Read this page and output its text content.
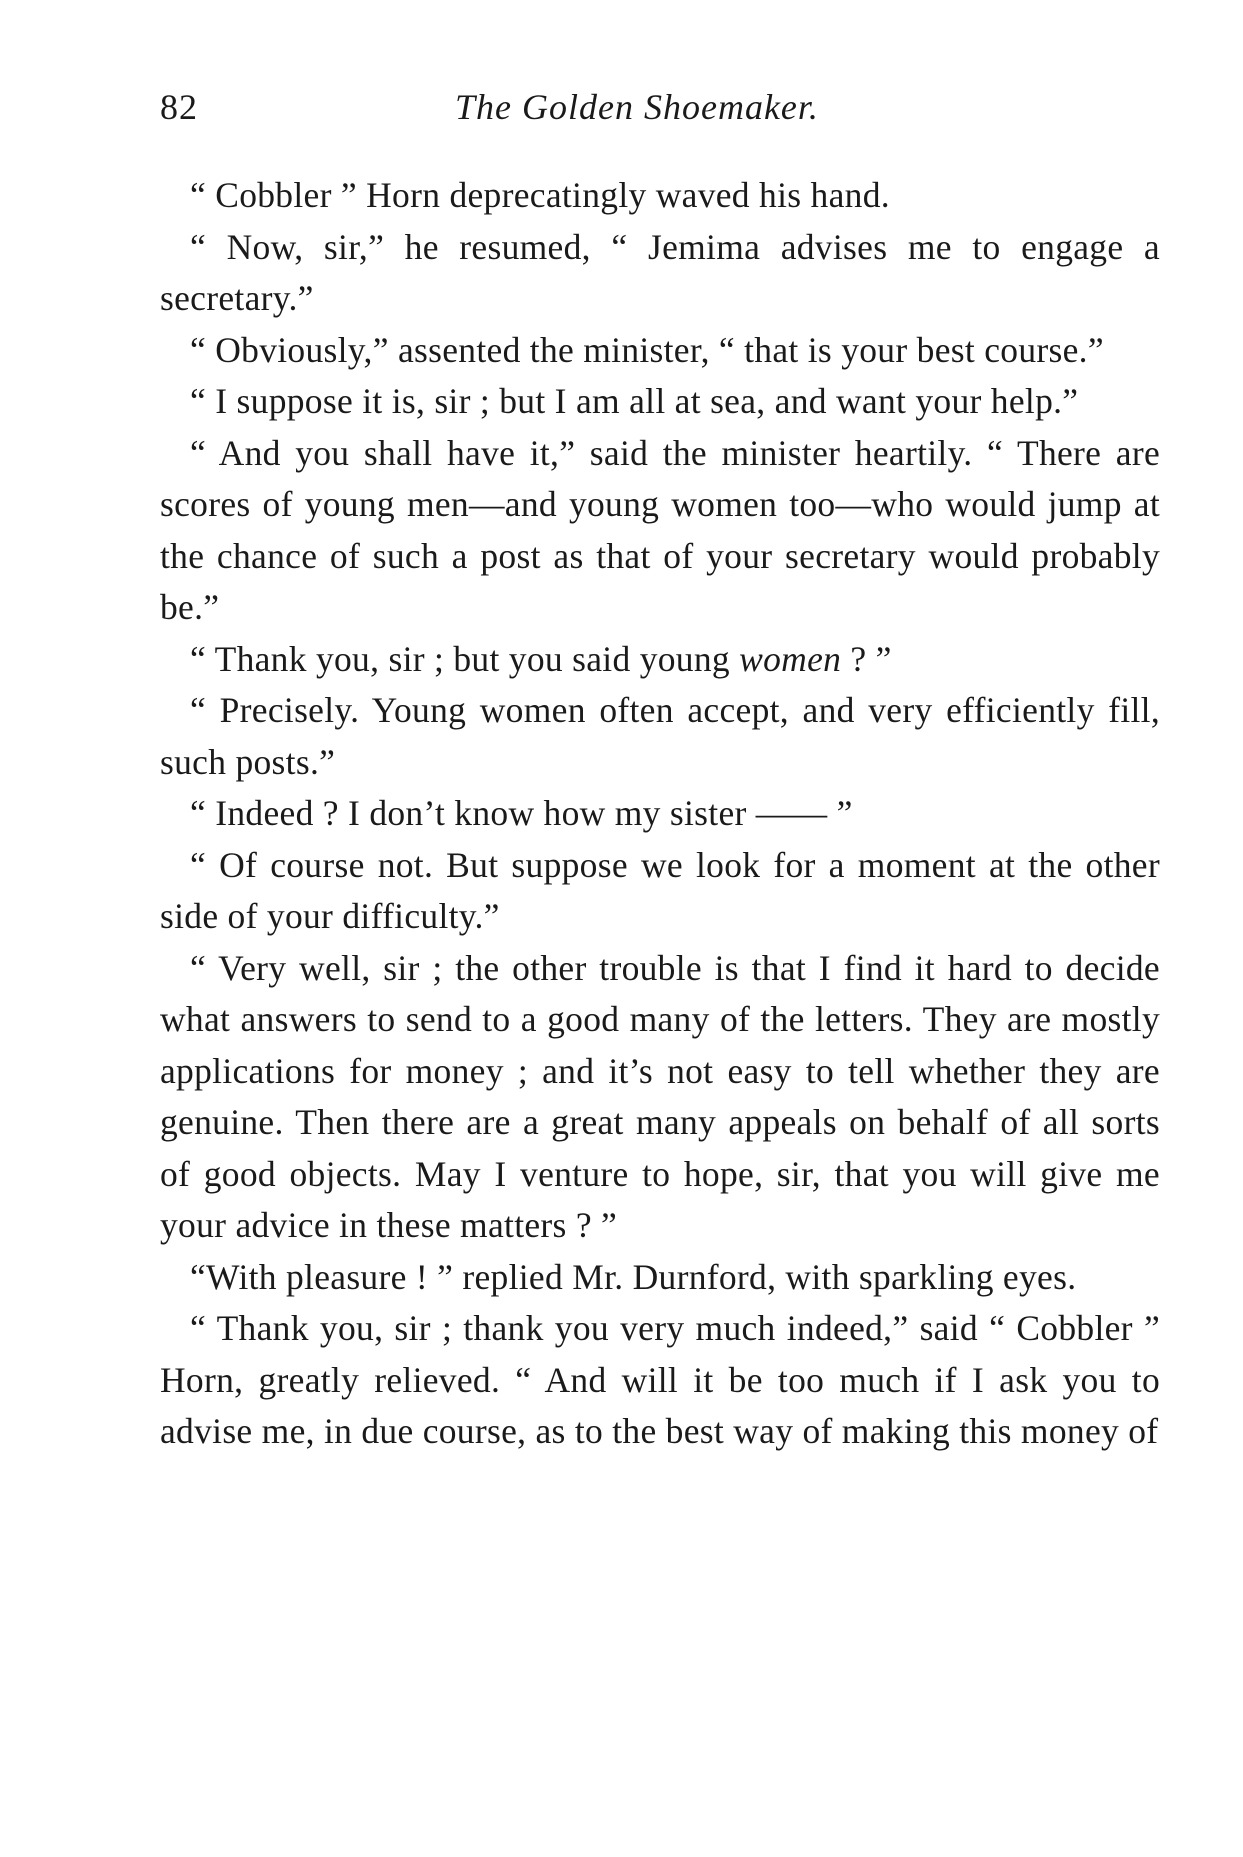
82	The Golden Shoemaker.

“ Cobbler ” Horn deprecatingly waved his hand.

“ Now, sir,” he resumed, “ Jemima advises me to engage a secretary.”

“ Obviously,” assented the minister, “ that is your best course.”

“ I suppose it is, sir ; but I am all at sea, and want your help.”

“ And you shall have it,” said the minister heartily. “ There are scores of young men—and young women too—who would jump at the chance of such a post as that of your secretary would probably be.”

“ Thank you, sir ; but you said young women ? ”

“ Precisely. Young women often accept, and very efficiently fill, such posts.”

“ Indeed ? I don’t know how my sister —— ”

“ Of course not. But suppose we look for a moment at the other side of your difficulty.”

“ Very well, sir ; the other trouble is that I find it hard to decide what answers to send to a good many of the letters. They are mostly applications for money ; and it’s not easy to tell whether they are genuine. Then there are a great many appeals on behalf of all sorts of good objects. May I venture to hope, sir, that you will give me your advice in these matters ? ”

“With pleasure ! ” replied Mr. Durnford, with sparkling eyes.

“ Thank you, sir ; thank you very much indeed,” said “ Cobbler ” Horn, greatly relieved. “ And will it be too much if I ask you to advise me, in due course, as to the best way of making this money of
